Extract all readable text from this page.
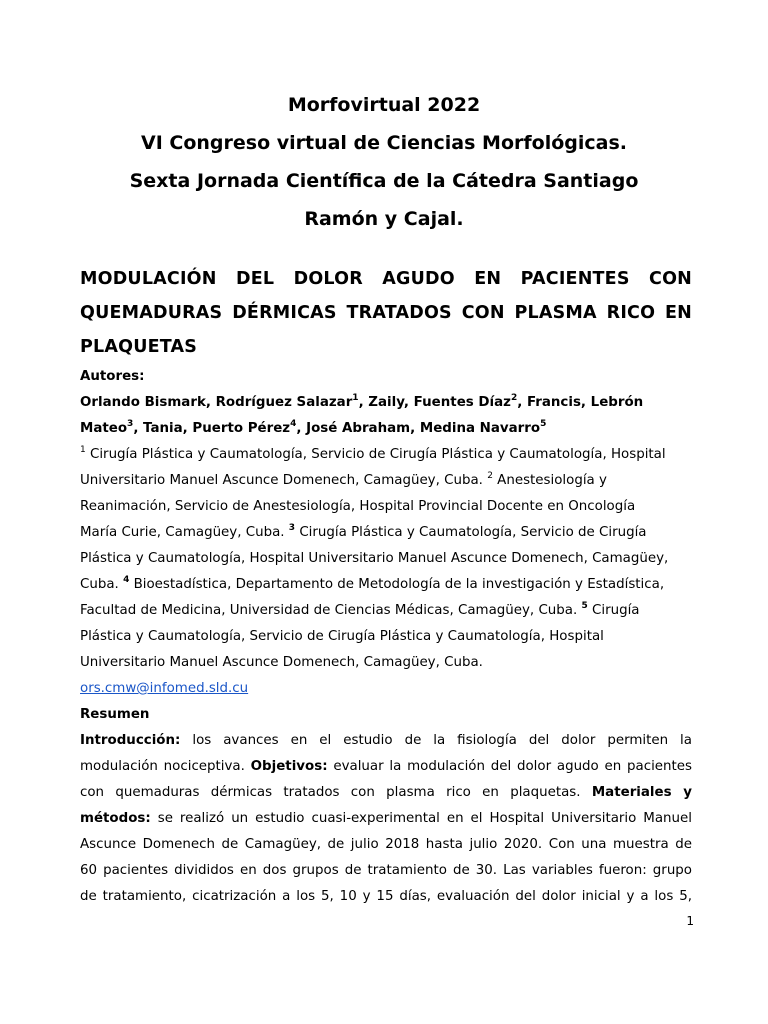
Morfovirtual 2022
VI Congreso virtual de Ciencias Morfológicas.
Sexta Jornada Científica de la Cátedra Santiago
Ramón y Cajal.
MODULACIÓN DEL DOLOR AGUDO EN PACIENTES CON
QUEMADURAS DÉRMICAS TRATADOS CON PLASMA RICO EN
PLAQUETAS
Autores:
Orlando Bismark, Rodríguez Salazar$^1$, Zaily, Fuentes Díaz$^2$, Francis, Lebrón
Mateo$^3$, Tania, Puerto Pérez$^4$, José Abraham, Medina Navarro$^5$
$^1$ Cirugía Plástica y Caumatología, Servicio de Cirugía Plástica y Caumatología, Hospital
Universitario Manuel Ascunce Domenech, Camagüey, Cuba. $^2$ Anestesiología y
Reanimación, Servicio de Anestesiología, Hospital Provincial Docente en Oncología
María Curie, Camagüey, Cuba. $^3$ Cirugía Plástica y Caumatología, Servicio de Cirugía
Plástica y Caumatología, Hospital Universitario Manuel Ascunce Domenech, Camagüey,
Cuba. $^4$ Bioestadística, Departamento de Metodología de la investigación y Estadística,
Facultad de Medicina, Universidad de Ciencias Médicas, Camagüey, Cuba. $^5$ Cirugía
Plástica y Caumatología, Servicio de Cirugía Plástica y Caumatología, Hospital
Universitario Manuel Ascunce Domenech, Camagüey, Cuba.
ors.cmw@infomed.sld.cu
Resumen
Introducción: los avances en el estudio de la fisiología del dolor permiten la
modulación nociceptiva. Objetivos: evaluar la modulación del dolor agudo en pacientes
con quemaduras dérmicas tratados con plasma rico en plaquetas. Materiales y
métodos: se realizó un estudio cuasi-experimental en el Hospital Universitario Manuel
Ascunce Domenech de Camagüey, de julio 2018 hasta julio 2020. Con una muestra de
60 pacientes divididos en dos grupos de tratamiento de 30. Las variables fueron: grupo
de tratamiento, cicatrización a los 5, 10 y 15 días, evaluación del dolor inicial y a los 5,
1
